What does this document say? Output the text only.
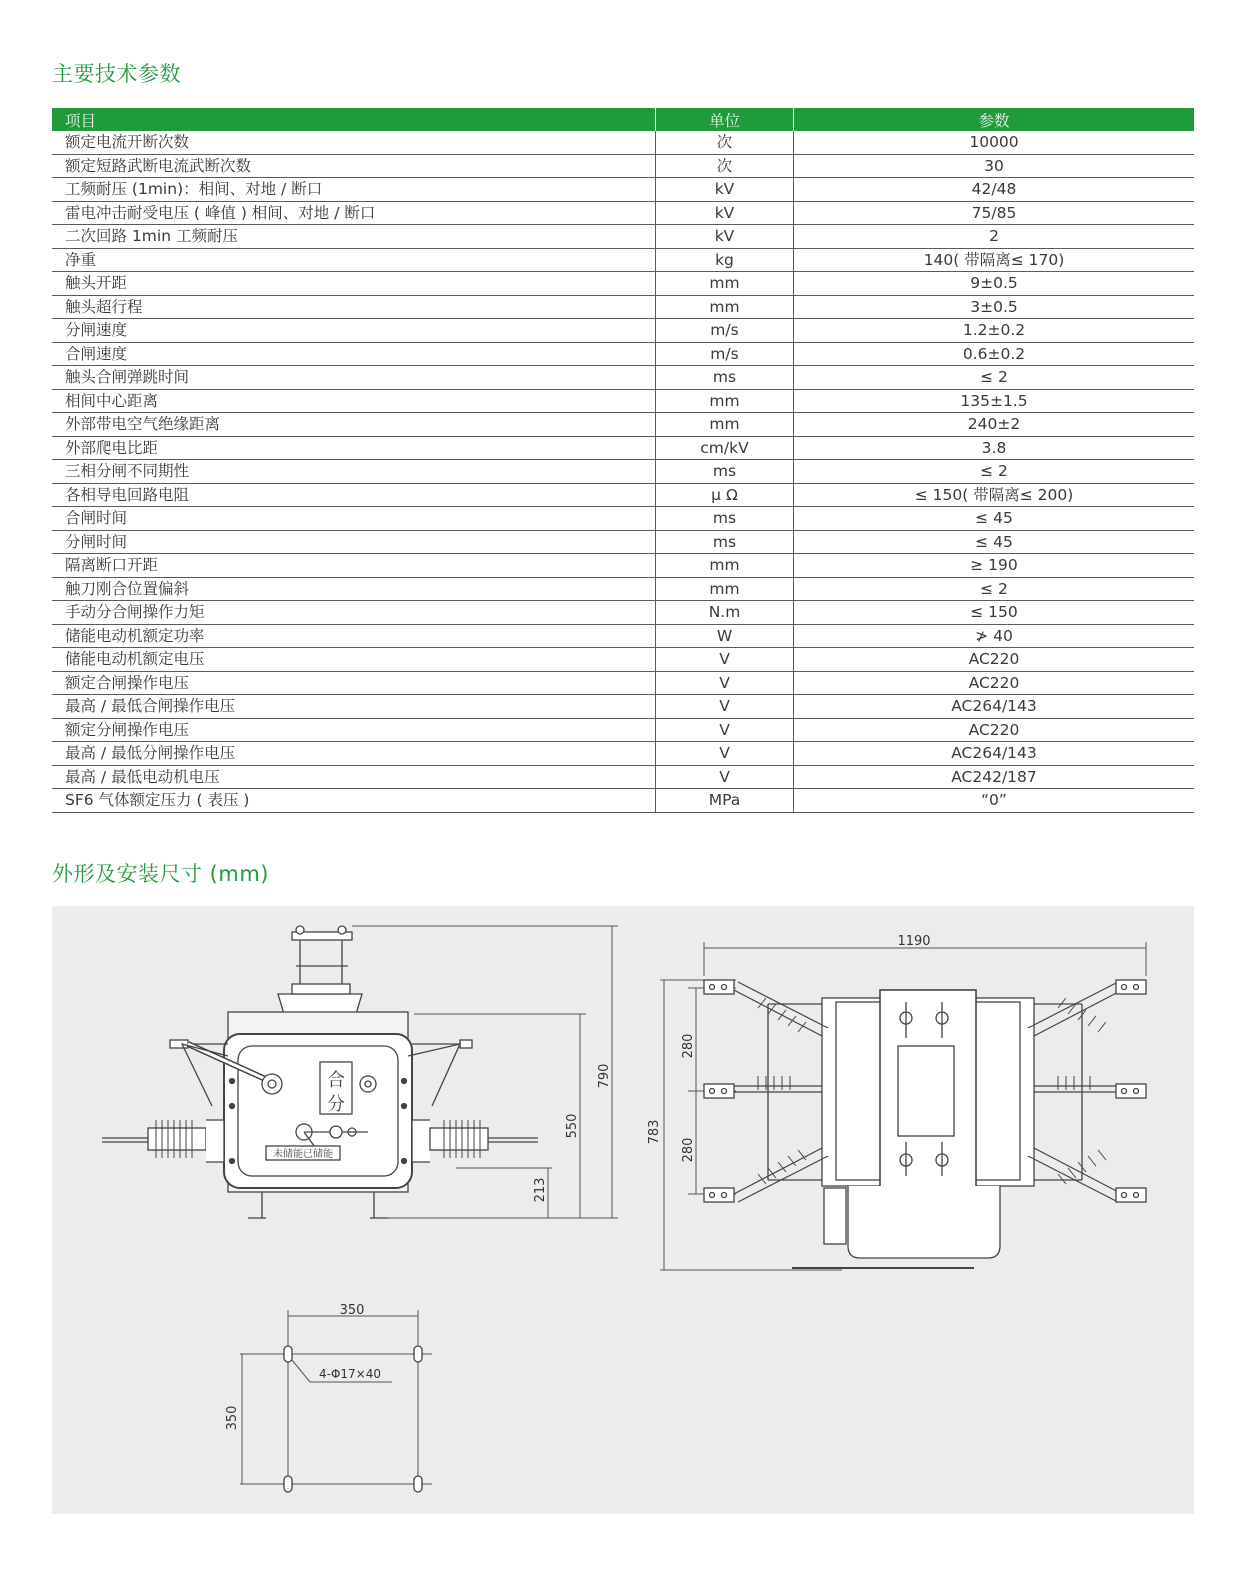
主要技术参数
项目	单位	参数
额定电流开断次数	次	10000
额定短路武断电流武断次数	次	30
工频耐压 (1min)：相间、对地 / 断口	kV	42/48
雷电冲击耐受电压 ( 峰值 ) 相间、对地 / 断口	kV	75/85
二次回路 1min 工频耐压	kV	2
净重	kg	140( 带隔离≤ 170)
触头开距	mm	9±0.5
触头超行程	mm	3±0.5
分闸速度	m/s	1.2±0.2
合闸速度	m/s	0.6±0.2
触头合闸弹跳时间	ms	≤ 2
相间中心距离	mm	135±1.5
外部带电空气绝缘距离	mm	240±2
外部爬电比距	cm/kV	3.8
三相分闸不同期性	ms	≤ 2
各相导电回路电阻	μ Ω	≤ 150( 带隔离≤ 200)
合闸时间	ms	≤ 45
分闸时间	ms	≤ 45
隔离断口开距	mm	≥ 190
触刀刚合位置偏斜	mm	≤ 2
手动分合闸操作力矩	N.m	≤ 150
储能电动机额定功率	W	≯ 40
储能电动机额定电压	V	AC220
额定合闸操作电压	V	AC220
最高 / 最低合闸操作电压	V	AC264/143
额定分闸操作电压	V	AC220
最高 / 最低分闸操作电压	V	AC264/143
最高 / 最低电动机电压	V	AC242/187
SF6 气体额定压力 ( 表压 )	MPa	“0”
外形及安装尺寸 (mm)
合
分
未储能已储能
790
550
213
1190
783
280
280
350
350
4-Φ17×40
